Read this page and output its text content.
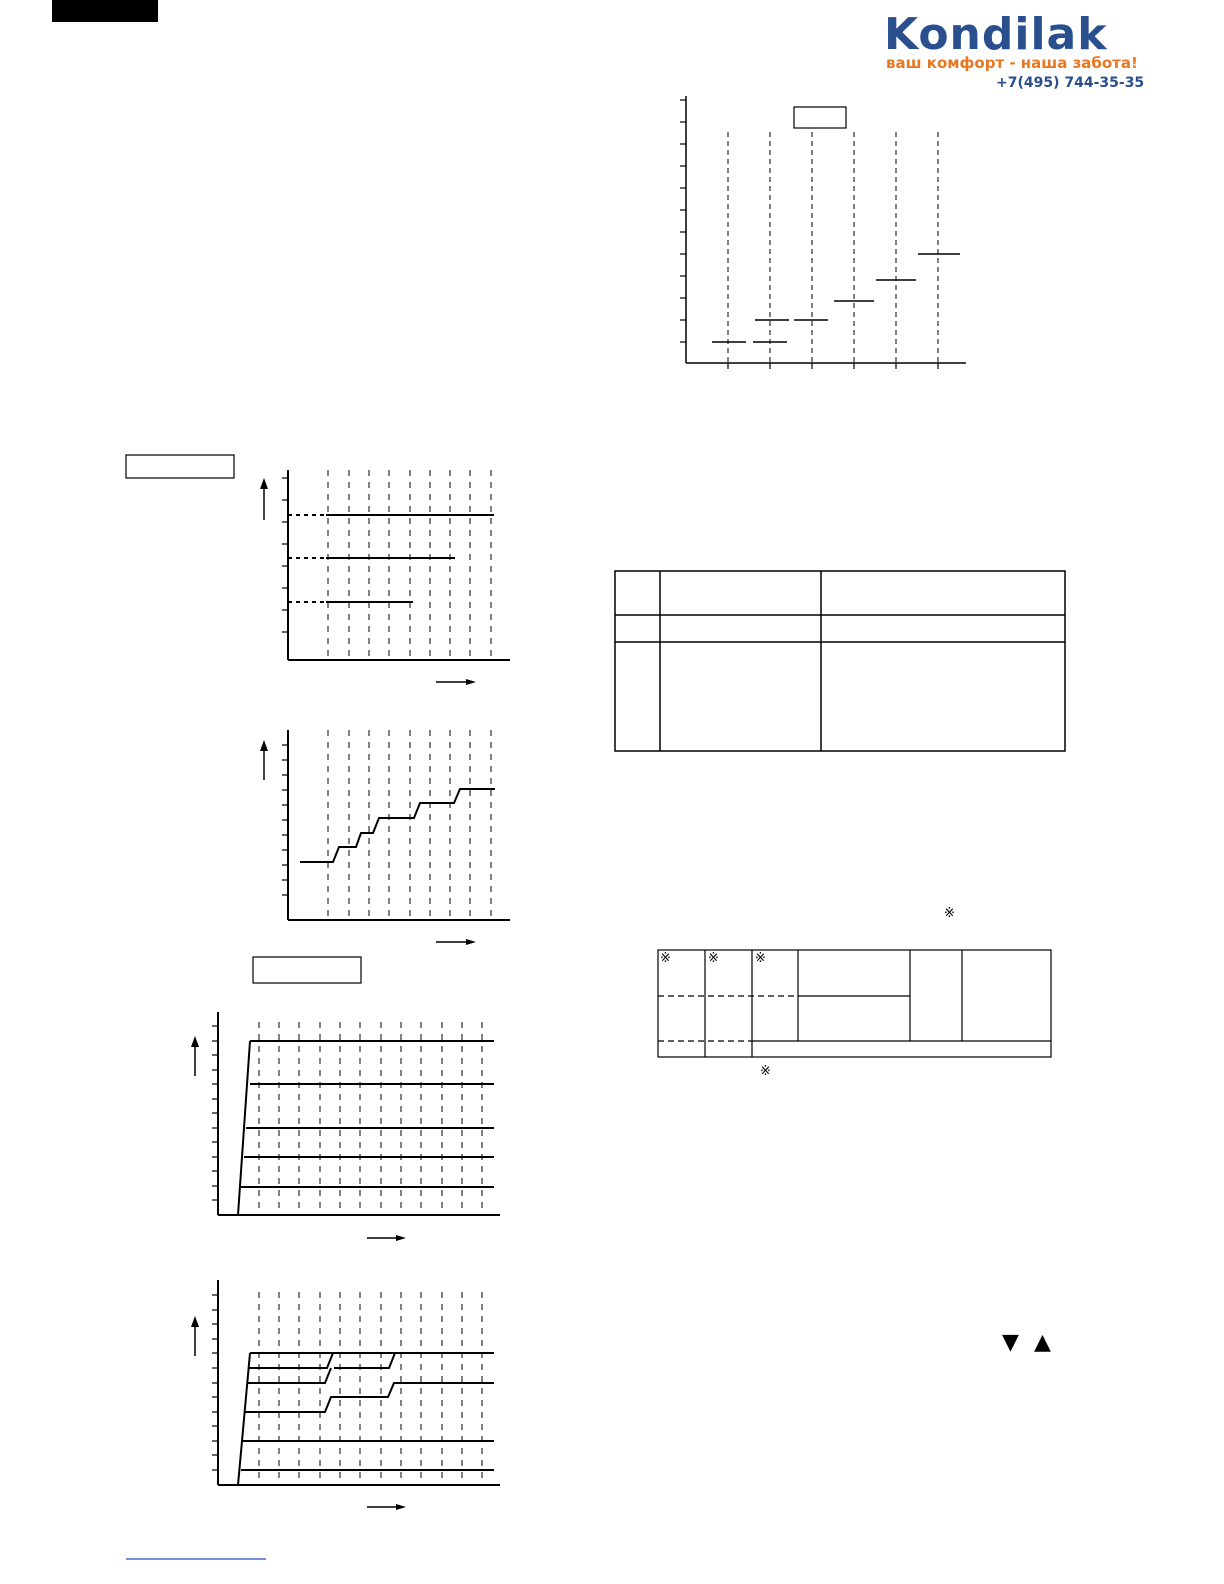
Kondilak
ваш комфорт - наша забота!
+7(495) 744-35-35
※
※	※	※
※
▼ ▲
